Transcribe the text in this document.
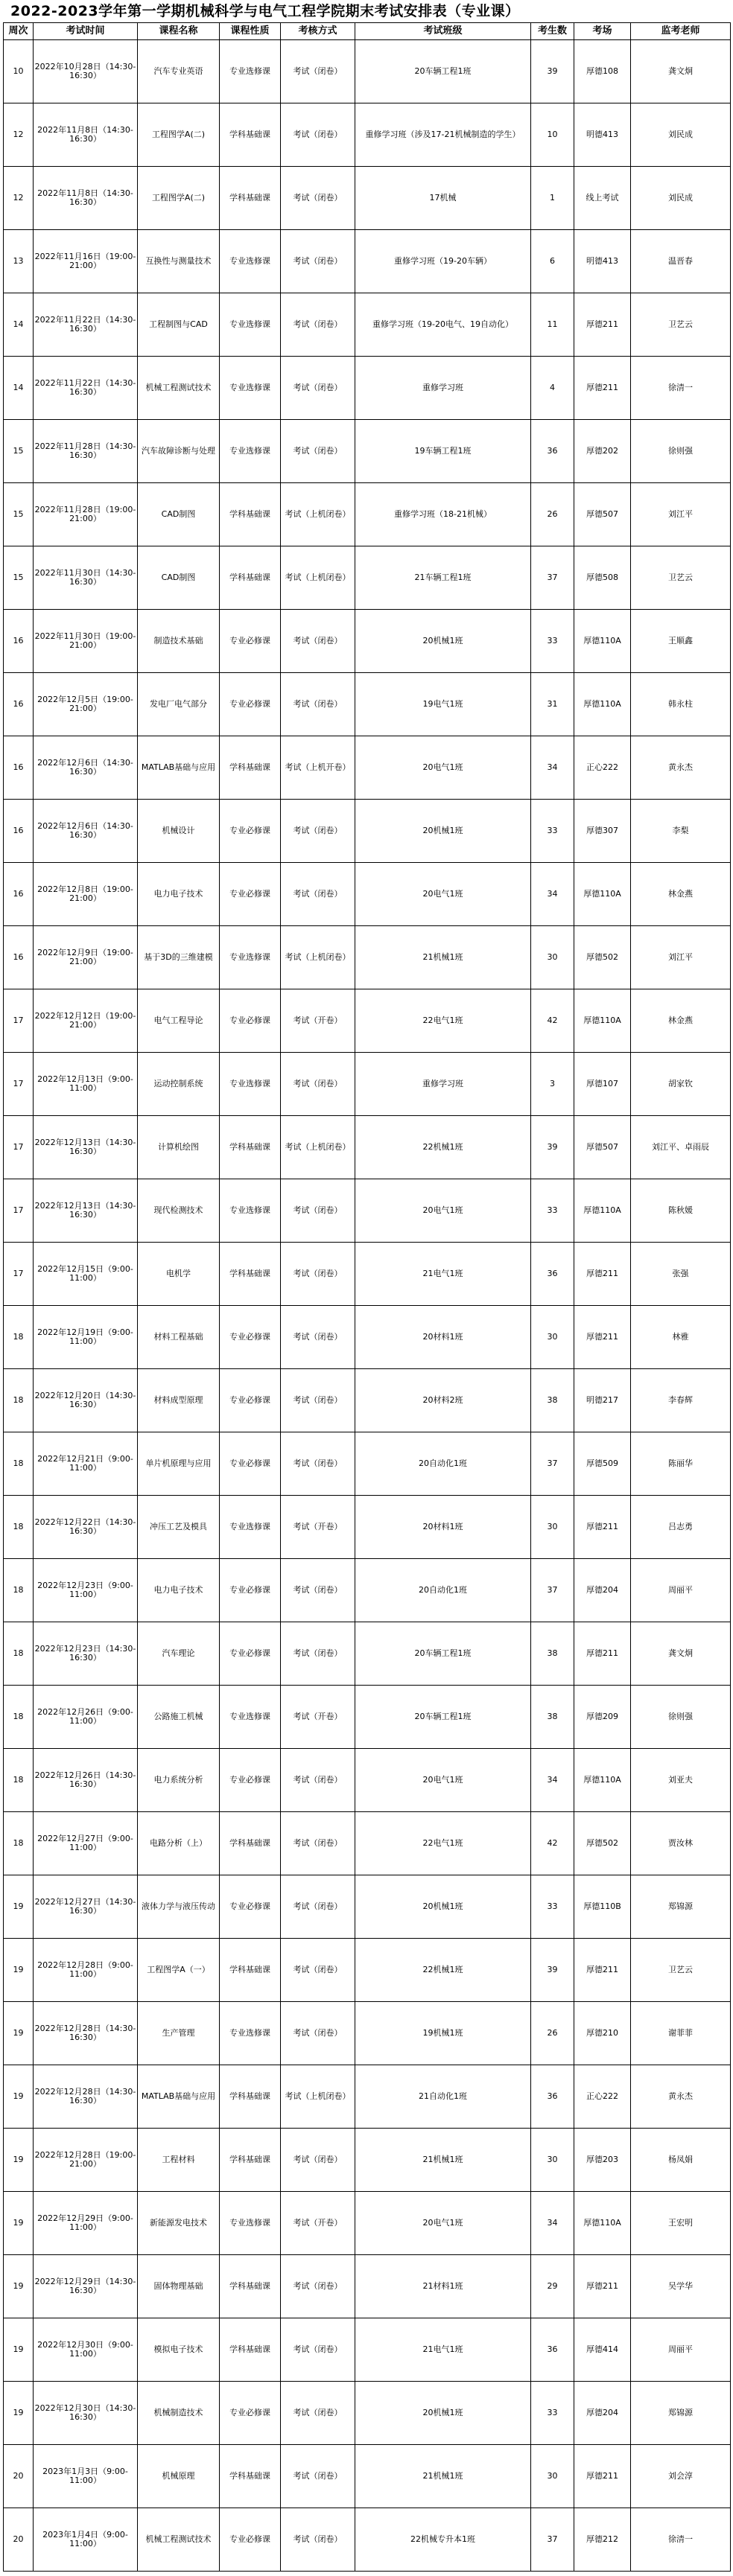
2022-2023学年第一学期机械科学与电气工程学院期末考试安排表（专业课）
周次	考试时间	课程名称	课程性质	考核方式	考试班级	考生数	考场	监考老师
10	2022年10月28日（14:30-16:30）	汽车专业英语	专业选修课	考试（闭卷）	20车辆工程1班	39	厚德108	龚文炯
12	2022年11月8日（14:30-16:30）	工程图学A(二)	学科基础课	考试（闭卷）	重修学习班（涉及17-21机械制造的学生）	10	明德413	刘民成
12	2022年11月8日（14:30-16:30）	工程图学A(二)	学科基础课	考试（闭卷）	17机械	1	线上考试	刘民成
13	2022年11月16日（19:00-21:00）	互换性与测量技术	专业选修课	考试（闭卷）	重修学习班（19-20车辆）	6	明德413	温晋春
14	2022年11月22日（14:30-16:30）	工程制图与CAD	专业选修课	考试（闭卷）	重修学习班（19-20电气、19自动化）	11	厚德211	卫艺云
14	2022年11月22日（14:30-16:30）	机械工程测试技术	专业选修课	考试（闭卷）	重修学习班	4	厚德211	徐清一
15	2022年11月28日（14:30-16:30）	汽车故障诊断与处理	专业选修课	考试（闭卷）	19车辆工程1班	36	厚德202	徐则强
15	2022年11月28日（19:00-21:00）	CAD制图	学科基础课	考试（上机闭卷）	重修学习班（18-21机械）	26	厚德507	刘江平
15	2022年11月30日（14:30-16:30）	CAD制图	学科基础课	考试（上机闭卷）	21车辆工程1班	37	厚德508	卫艺云
16	2022年11月30日（19:00-21:00）	制造技术基础	专业必修课	考试（闭卷）	20机械1班	33	厚德110A	王顺鑫
16	2022年12月5日（19:00-21:00）	发电厂电气部分	专业必修课	考试（闭卷）	19电气1班	31	厚德110A	韩永柱
16	2022年12月6日（14:30-16:30）	MATLAB基础与应用	学科基础课	考试（上机开卷）	20电气1班	34	正心222	黄永杰
16	2022年12月6日（14:30-16:30）	机械设计	专业必修课	考试（闭卷）	20机械1班	33	厚德307	李梨
16	2022年12月8日（19:00-21:00）	电力电子技术	专业必修课	考试（闭卷）	20电气1班	34	厚德110A	林金燕
16	2022年12月9日（19:00-21:00）	基于3D的三维建模	专业选修课	考试（上机闭卷）	21机械1班	30	厚德502	刘江平
17	2022年12月12日（19:00-21:00）	电气工程导论	专业必修课	考试（开卷）	22电气1班	42	厚德110A	林金燕
17	2022年12月13日（9:00-11:00）	运动控制系统	专业选修课	考试（闭卷）	重修学习班	3	厚德107	胡家钦
17	2022年12月13日（14:30-16:30）	计算机绘图	学科基础课	考试（上机闭卷）	22机械1班	39	厚德507	刘江平、卓雨辰
17	2022年12月13日（14:30-16:30）	现代检测技术	专业选修课	考试（闭卷）	20电气1班	33	厚德110A	陈秋媛
17	2022年12月15日（9:00-11:00）	电机学	学科基础课	考试（闭卷）	21电气1班	36	厚德211	张强
18	2022年12月19日（9:00-11:00）	材料工程基础	专业必修课	考试（闭卷）	20材料1班	30	厚德211	林雅
18	2022年12月20日（14:30-16:30）	材料成型原理	专业必修课	考试（闭卷）	20材料2班	38	明德217	李春辉
18	2022年12月21日（9:00-11:00）	单片机原理与应用	专业必修课	考试（闭卷）	20自动化1班	37	厚德509	陈丽华
18	2022年12月22日（14:30-16:30）	冲压工艺及模具	专业选修课	考试（开卷）	20材料1班	30	厚德211	吕志勇
18	2022年12月23日（9:00-11:00）	电力电子技术	专业必修课	考试（闭卷）	20自动化1班	37	厚德204	周丽平
18	2022年12月23日（14:30-16:30）	汽车理论	专业必修课	考试（闭卷）	20车辆工程1班	38	厚德211	龚文炯
18	2022年12月26日（9:00-11:00）	公路施工机械	专业选修课	考试（开卷）	20车辆工程1班	38	厚德209	徐则强
18	2022年12月26日（14:30-16:30）	电力系统分析	专业必修课	考试（闭卷）	20电气1班	34	厚德110A	刘亚夫
18	2022年12月27日（9:00-11:00）	电路分析（上）	学科基础课	考试（闭卷）	22电气1班	42	厚德502	贾汝林
19	2022年12月27日（14:30-16:30）	液体力学与液压传动	专业必修课	考试（闭卷）	20机械1班	33	厚德110B	郑锦源
19	2022年12月28日（9:00-11:00）	工程图学A（一）	学科基础课	考试（闭卷）	22机械1班	39	厚德211	卫艺云
19	2022年12月28日（14:30-16:30）	生产管理	专业选修课	考试（闭卷）	19机械1班	26	厚德210	谢菲菲
19	2022年12月28日（14:30-16:30）	MATLAB基础与应用	学科基础课	考试（上机闭卷）	21自动化1班	36	正心222	黄永杰
19	2022年12月28日（19:00-21:00）	工程材料	学科基础课	考试（闭卷）	21机械1班	30	厚德203	杨凤娟
19	2022年12月29日（9:00-11:00）	新能源发电技术	专业选修课	考试（开卷）	20电气1班	34	厚德110A	王宏明
19	2022年12月29日（14:30-16:30）	固体物理基础	学科基础课	考试（闭卷）	21材料1班	29	厚德211	吴学华
19	2022年12月30日（9:00-11:00）	模拟电子技术	学科基础课	考试（闭卷）	21电气1班	36	厚德414	周丽平
19	2022年12月30日（14:30-16:30）	机械制造技术	专业必修课	考试（闭卷）	20机械1班	33	厚德204	郑锦源
20	2023年1月3日（9:00-11:00）	机械原理	学科基础课	考试（闭卷）	21机械1班	30	厚德211	刘会淳
20	2023年1月4日（9:00-11:00）	机械工程测试技术	专业必修课	考试（闭卷）	22机械专升本1班	37	厚德212	徐清一
